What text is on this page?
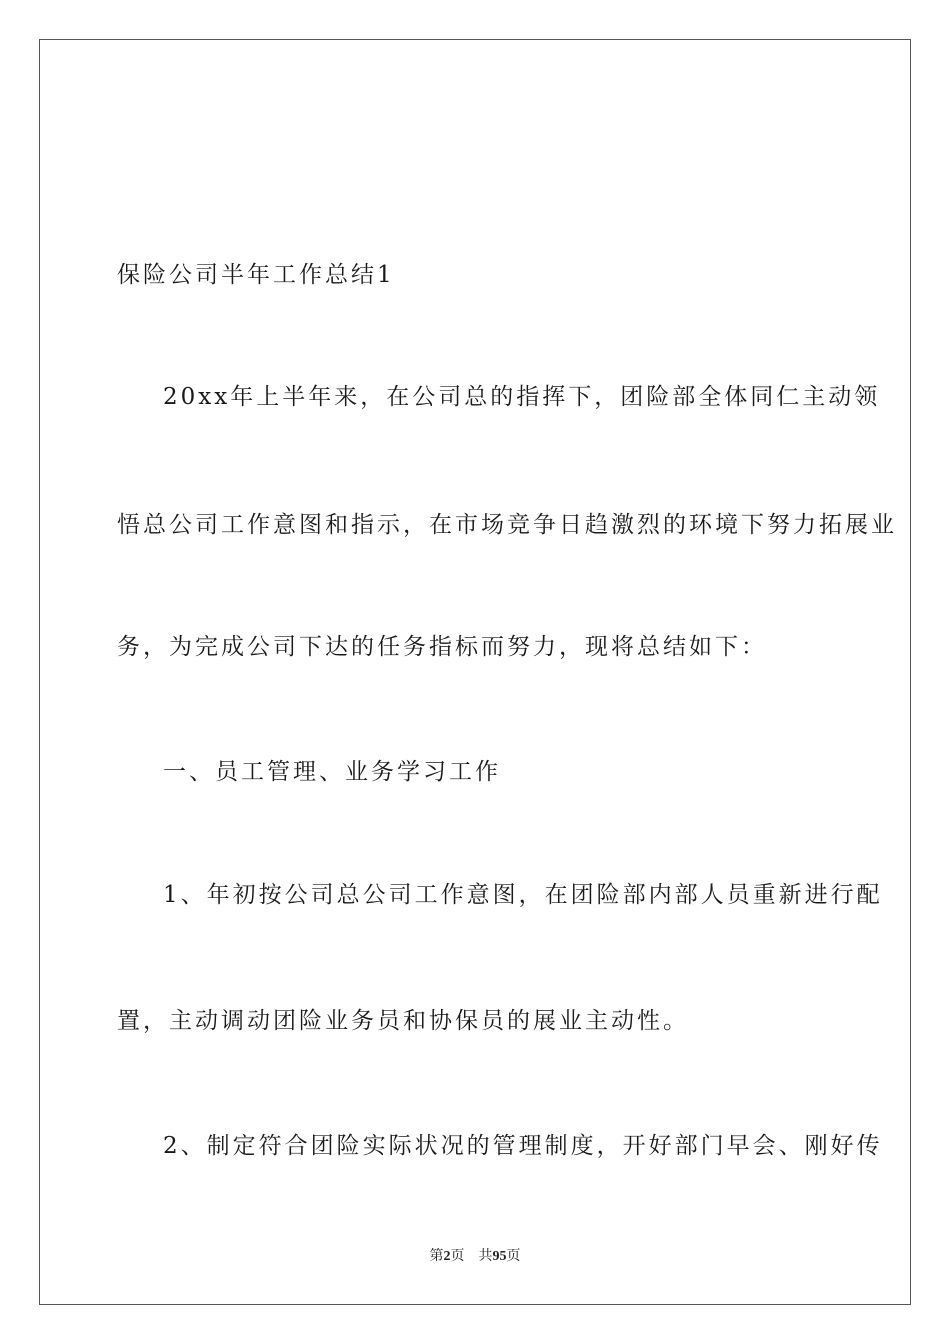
保险公司半年工作总结1
20xx年上半年来，在公司总的指挥下，团险部全体同仁主动领
悟总公司工作意图和指示，在市场竞争日趋激烈的环境下努力拓展业
务，为完成公司下达的任务指标而努力，现将总结如下：
一、员工管理、业务学习工作
1、年初按公司总公司工作意图，在团险部内部人员重新进行配
置，主动调动团险业务员和协保员的展业主动性。
2、制定符合团险实际状况的管理制度，开好部门早会、刚好传
第2页 共95页
